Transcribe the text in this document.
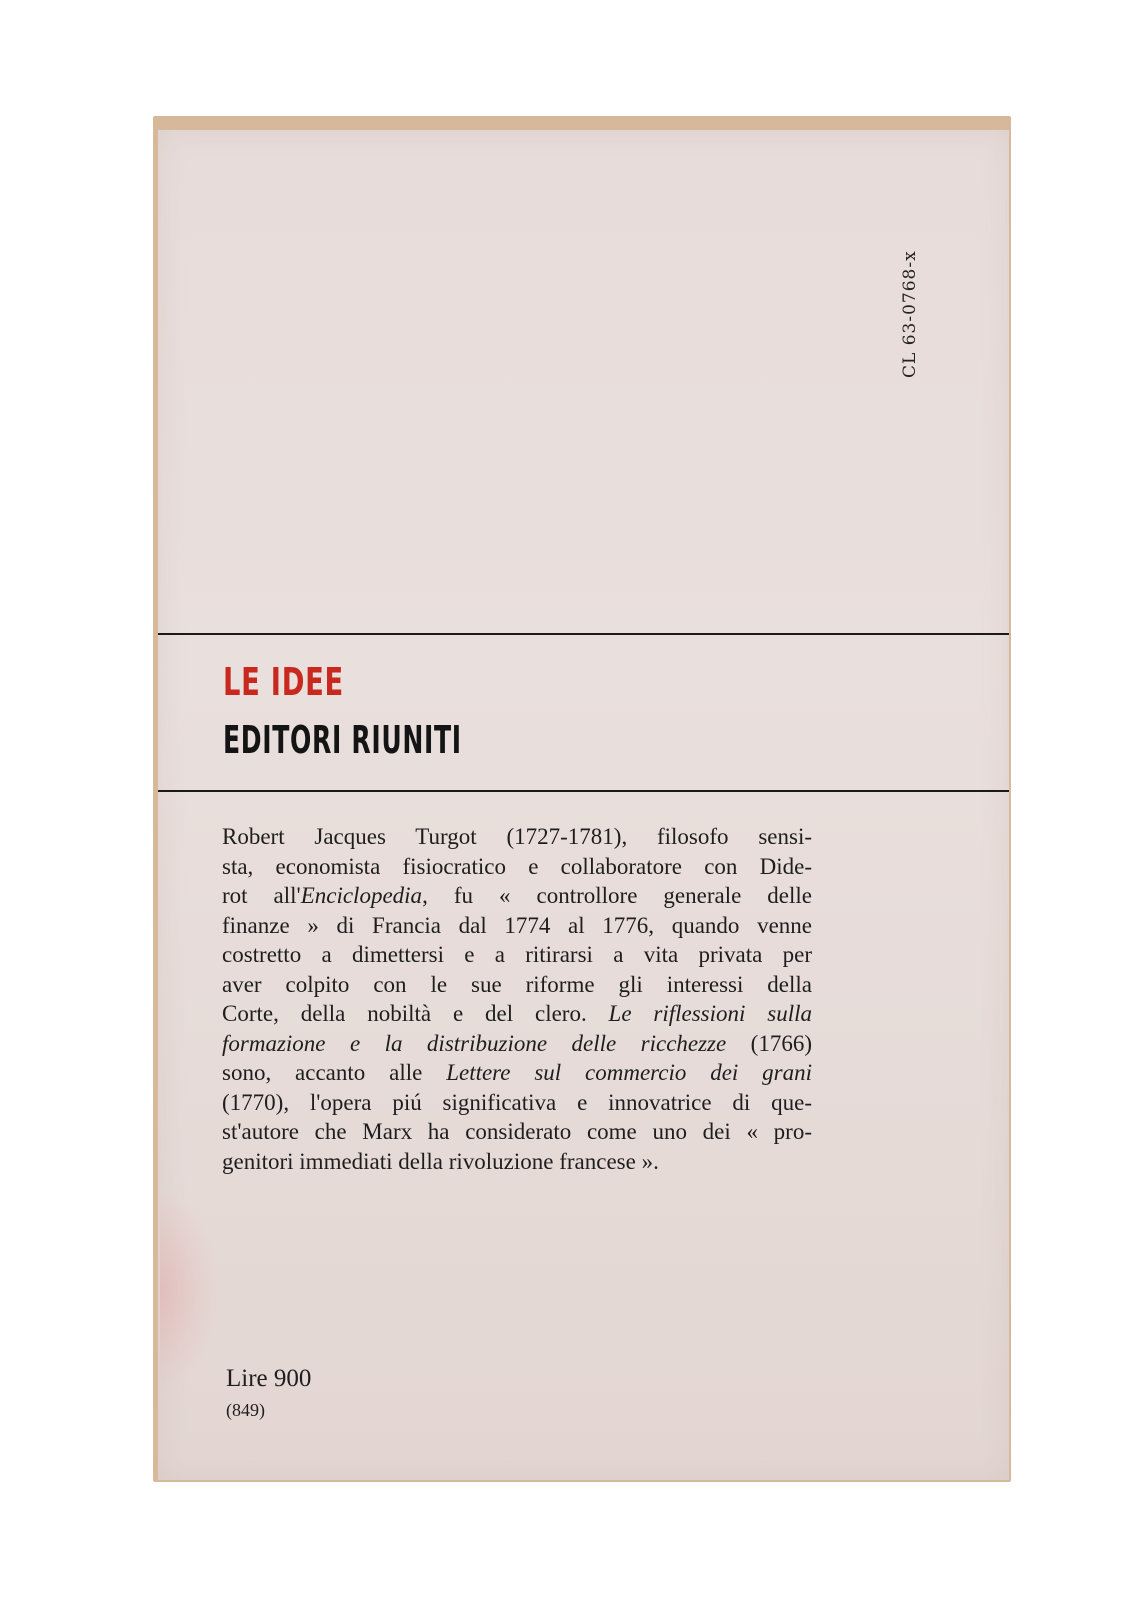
CL 63-0768-x
LE IDEE
EDITORI RIUNITI
Robert Jacques Turgot (1727-1781), filosofo sensi-
sta, economista fisiocratico e collaboratore con Dide-
rot all'Enciclopedia, fu « controllore generale delle
finanze » di Francia dal 1774 al 1776, quando venne
costretto a dimettersi e a ritirarsi a vita privata per
aver colpito con le sue riforme gli interessi della
Corte, della nobiltà e del clero. Le riflessioni sulla
formazione e la distribuzione delle ricchezze (1766)
sono, accanto alle Lettere sul commercio dei grani
(1770), l'opera piú significativa e innovatrice di que-
st'autore che Marx ha considerato come uno dei « pro-
genitori immediati della rivoluzione francese ».
Lire 900
(849)
